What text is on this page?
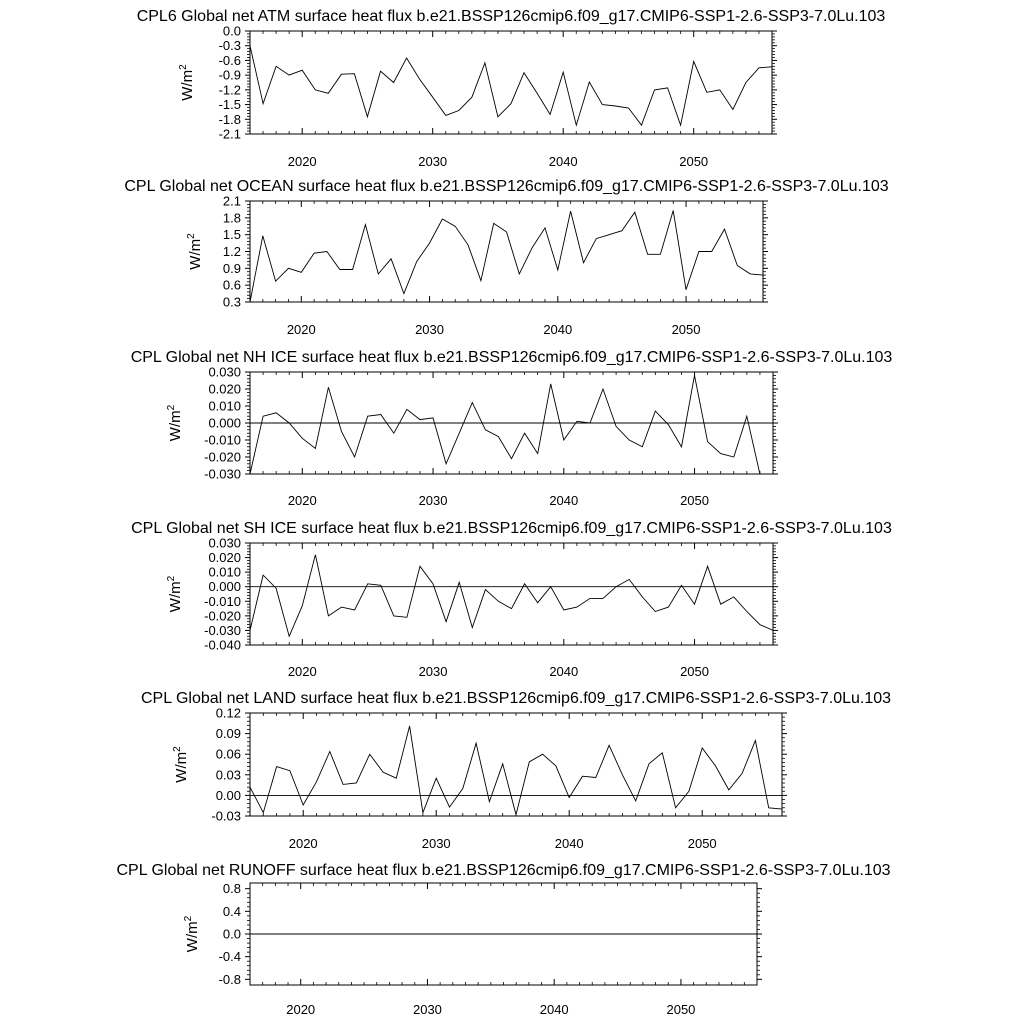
CPL6 Global net ATM surface heat flux b.e21.BSSP126cmip6.f09_g17.CMIP6-SSP1-2.6-SSP3-7.0Lu.103
0.0
-0.3
-0.6
-0.9
-1.2
-1.5
-1.8
-2.1
2020	2030	2040	2050
$W/m^2$
CPL Global net OCEAN surface heat flux b.e21.BSSP126cmip6.f09_g17.CMIP6-SSP1-2.6-SSP3-7.0Lu.103
2.1
1.8
1.5
1.2
0.9
0.6
0.3
2020	2030	2040	2050
$W/m^2$
CPL Global net NH ICE surface heat flux b.e21.BSSP126cmip6.f09_g17.CMIP6-SSP1-2.6-SSP3-7.0Lu.103
0.030
0.020
0.010
0.000
-0.010
-0.020
-0.030
2020	2030	2040	2050
$W/m^2$
CPL Global net SH ICE surface heat flux b.e21.BSSP126cmip6.f09_g17.CMIP6-SSP1-2.6-SSP3-7.0Lu.103
0.030
0.020
0.010
0.000
-0.010
-0.020
-0.030
-0.040
2020	2030	2040	2050
$W/m^2$
CPL Global net LAND surface heat flux b.e21.BSSP126cmip6.f09_g17.CMIP6-SSP1-2.6-SSP3-7.0Lu.103
0.12
0.09
0.06
0.03
0.00
-0.03
2020	2030	2040	2050
$W/m^2$
CPL Global net RUNOFF surface heat flux b.e21.BSSP126cmip6.f09_g17.CMIP6-SSP1-2.6-SSP3-7.0Lu.103
0.8
0.4
0.0
-0.4
-0.8
2020	2030	2040	2050
$W/m^2$
